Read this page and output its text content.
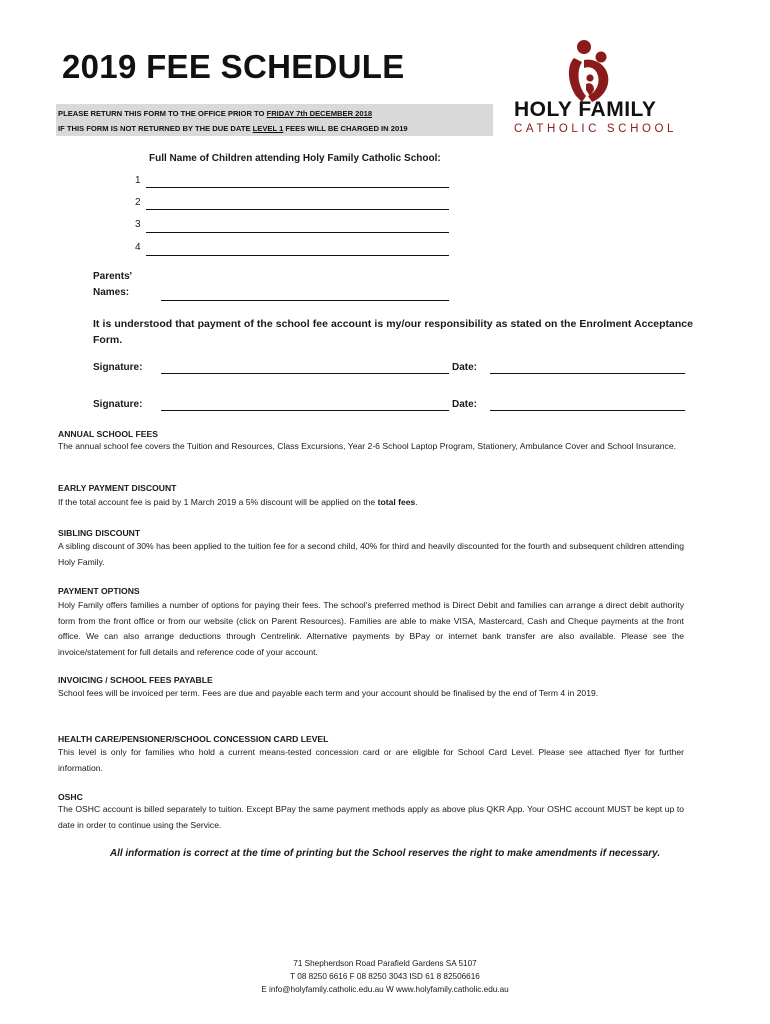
2019 FEE SCHEDULE
PLEASE RETURN THIS FORM TO THE OFFICE PRIOR TO FRIDAY 7th DECEMBER 2018
IF THIS FORM IS NOT RETURNED BY THE DUE DATE LEVEL 1 FEES WILL BE CHARGED IN 2019
HOLY FAMILY
CATHOLIC SCHOOL
Full Name of Children attending Holy Family Catholic School:
1
2
3
4
Parents'
Names:
It is understood that payment of the school fee account is my/our responsibility as stated on the Enrolment Acceptance Form.
Signature:	Date:
Signature:	Date:
ANNUAL SCHOOL FEES
The annual school fee covers the Tuition and Resources, Class Excursions, Year 2-6 School Laptop Program, Stationery, Ambulance Cover and School Insurance.
EARLY PAYMENT DISCOUNT
If the total account fee is paid by 1 March 2019 a 5% discount will be applied on the total fees.
SIBLING DISCOUNT
A sibling discount of 30% has been applied to the tuition fee for a second child, 40% for third and heavily discounted for the fourth and subsequent children attending Holy Family.
PAYMENT OPTIONS
Holy Family offers families a number of options for paying their fees. The school's preferred method is Direct Debit and families can arrange a direct debit authority form from the front office or from our website (click on Parent Resources). Families are able to make VISA, Mastercard, Cash and Cheque payments at the front office. We can also arrange deductions through Centrelink. Alternative payments by BPay or internet bank transfer are also available. Please see the invoice/statement for full details and reference code of your account.
INVOICING / SCHOOL FEES PAYABLE
School fees will be invoiced per term. Fees are due and payable each term and your account should be finalised by the end of Term 4 in 2019.
HEALTH CARE/PENSIONER/SCHOOL CONCESSION CARD LEVEL
This level is only for families who hold a current means-tested concession card or are eligible for School Card Level. Please see attached flyer for further information.
OSHC
The OSHC account is billed separately to tuition. Except BPay the same payment methods apply as above plus QKR App. Your OSHC account MUST be kept up to date in order to continue using the Service.
All information is correct at the time of printing but the School reserves the right to make amendments if necessary.
71 Shepherdson Road Parafield Gardens SA 5107
T 08 8250 6616 F 08 8250 3043 ISD 61 8 82506616
E info@holyfamily.catholic.edu.au W www.holyfamily.catholic.edu.au
